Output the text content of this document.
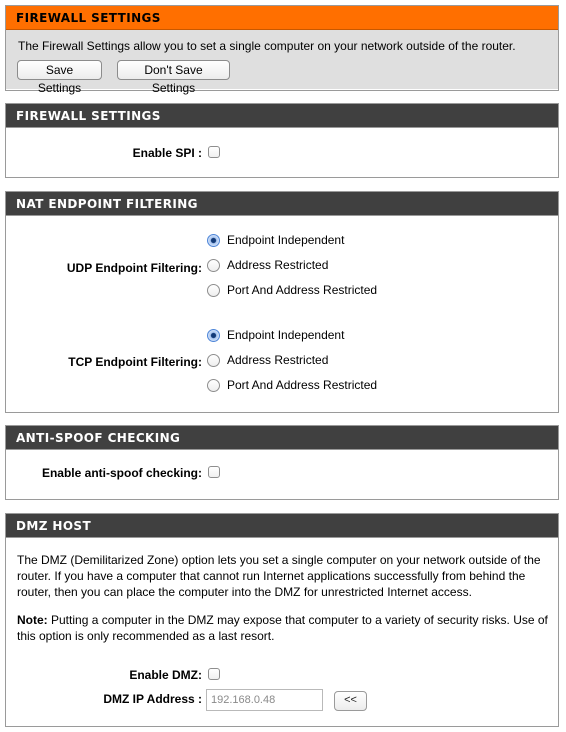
FIREWALL SETTINGS
The Firewall Settings allow you to set a single computer on your network outside of the router.
Save Settings
Don't Save Settings
FIREWALL SETTINGS
Enable SPI :
NAT ENDPOINT FILTERING
UDP Endpoint Filtering:
Endpoint Independent
Address Restricted
Port And Address Restricted
TCP Endpoint Filtering:
Endpoint Independent
Address Restricted
Port And Address Restricted
ANTI-SPOOF CHECKING
Enable anti-spoof checking:
DMZ HOST
The DMZ (Demilitarized Zone) option lets you set a single computer on your network outside of the router. If you have a computer that cannot run Internet applications successfully from behind the router, then you can place the computer into the DMZ for unrestricted Internet access.
Note: Putting a computer in the DMZ may expose that computer to a variety of security risks. Use of this option is only recommended as a last resort.
Enable DMZ:
DMZ IP Address : 192.168.0.48	<<
